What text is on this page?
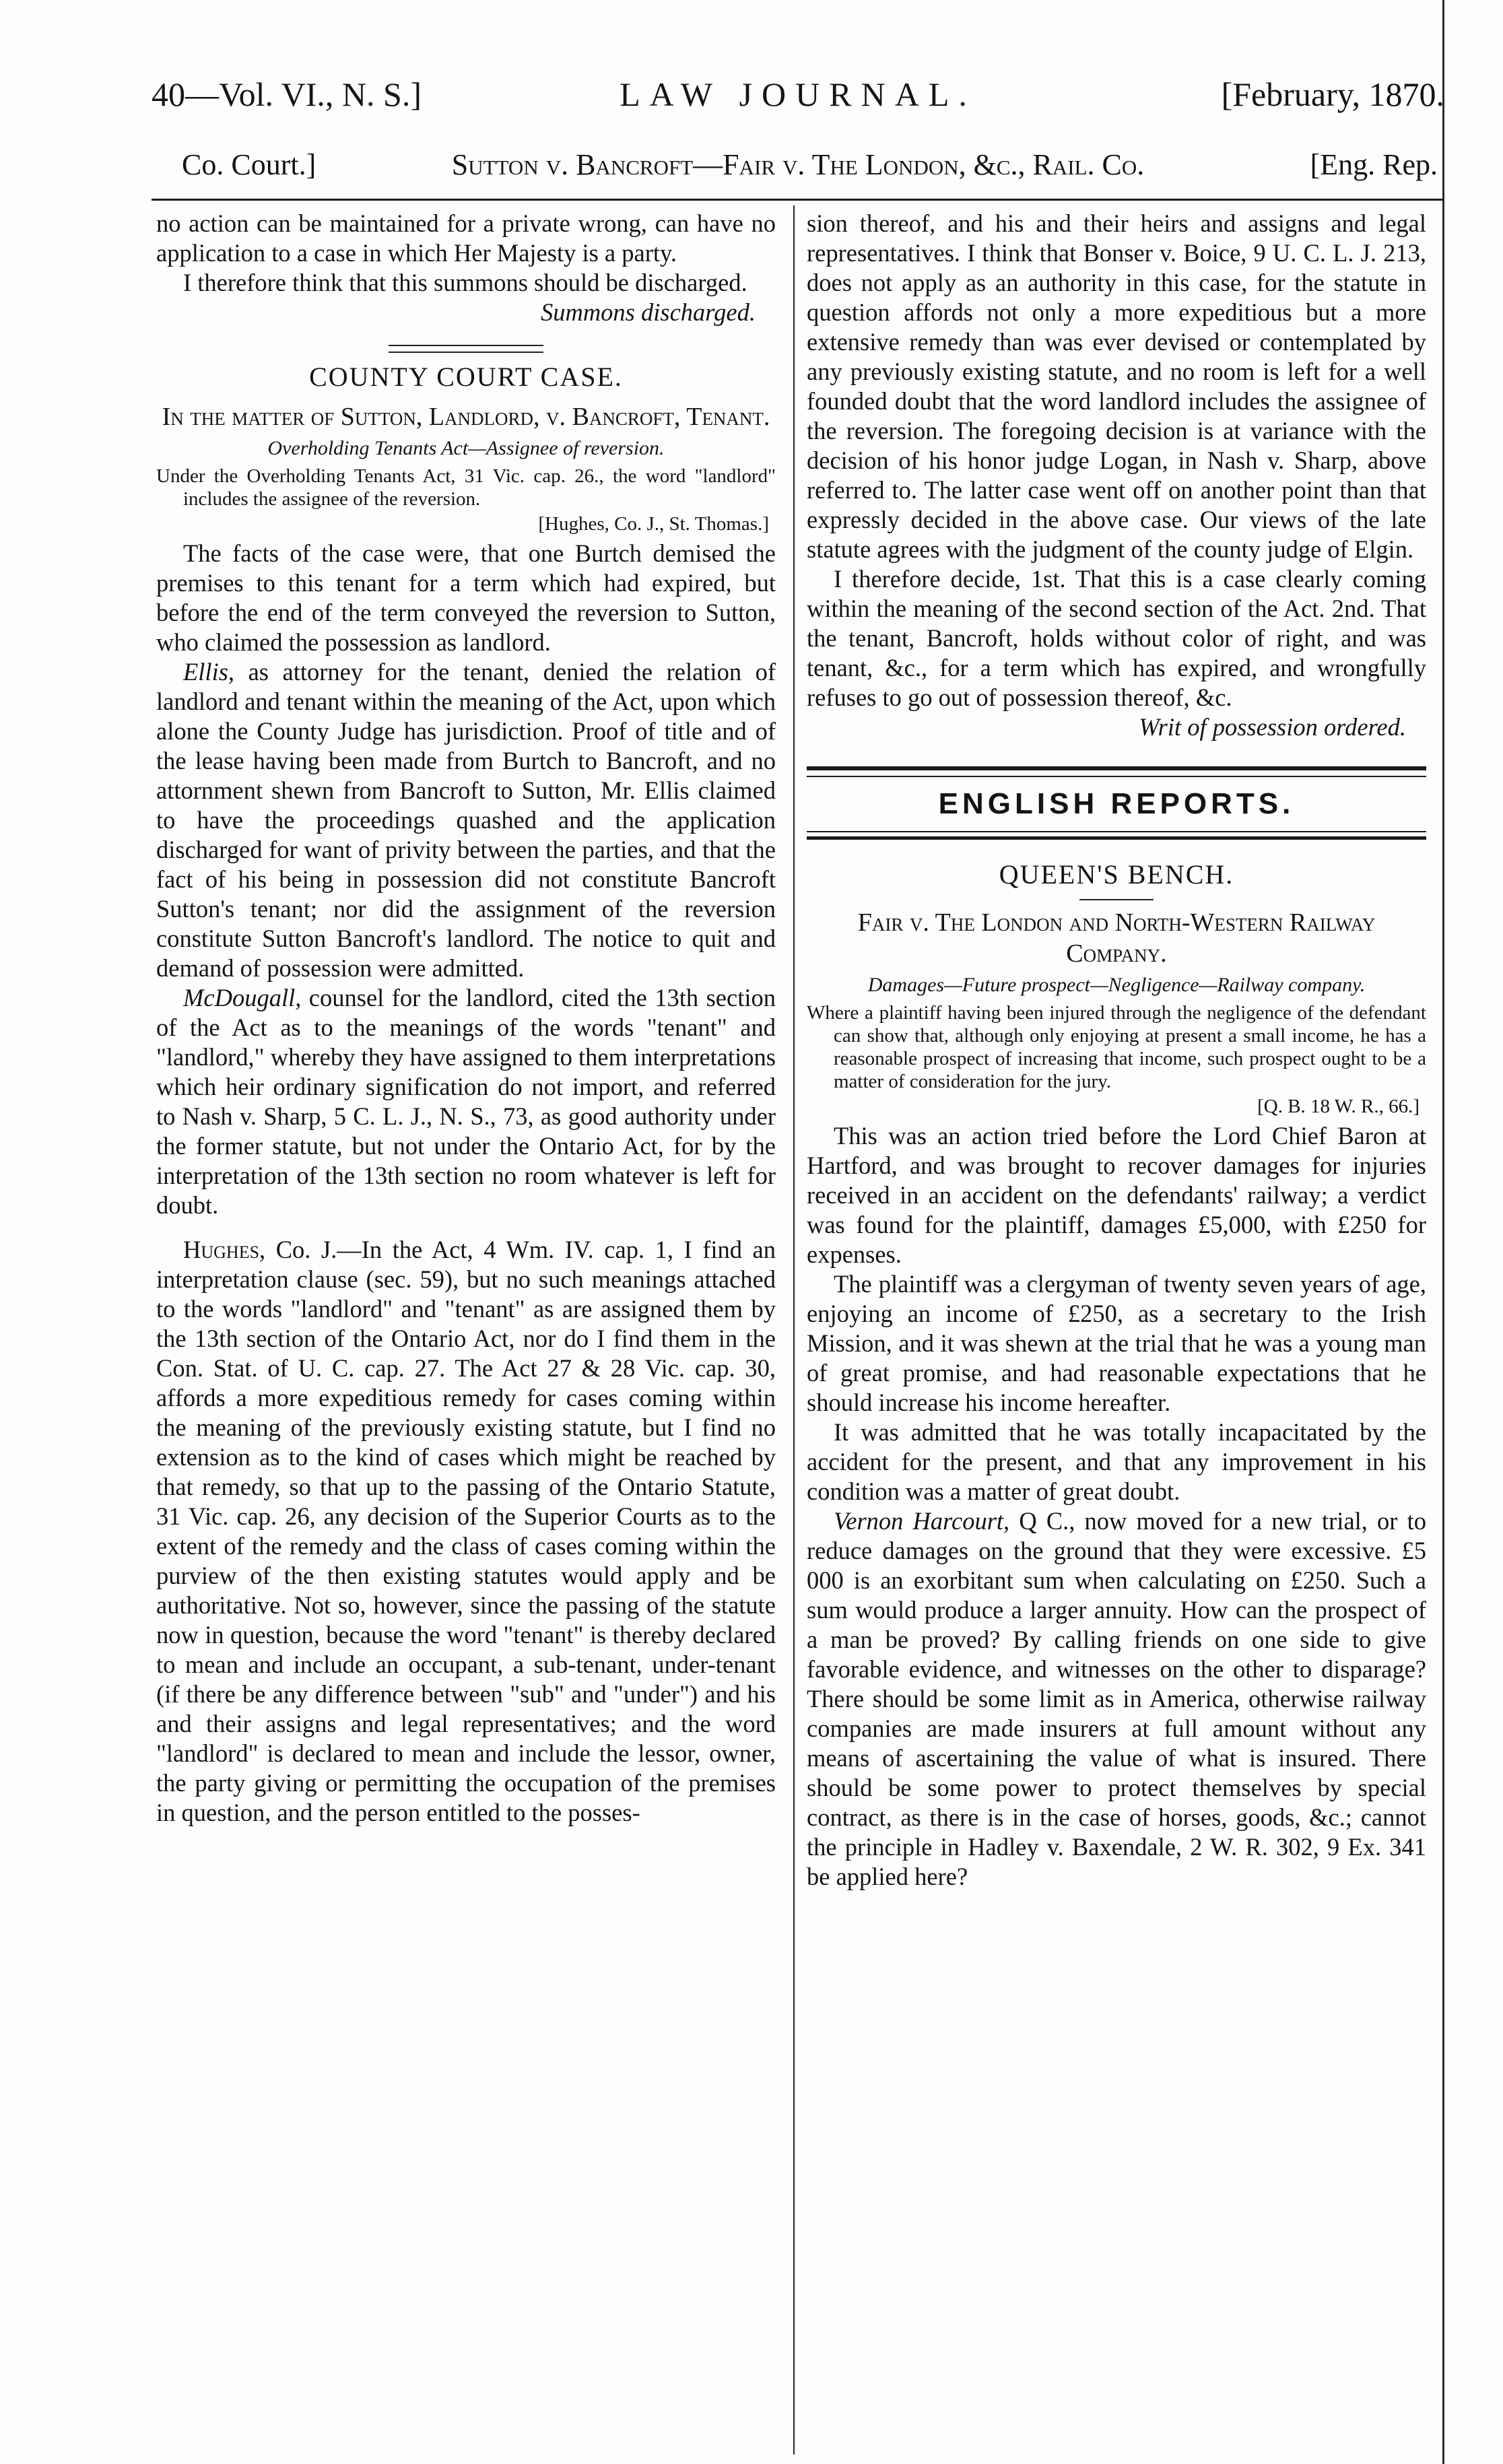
LAW JOURNAL.
40—Vol. VI., N. S.]	[February, 1870.
Sutton v. Bancroft—Fair v. The London, &c., Rail. Co.
Co. Court.]	[Eng. Rep.

no action can be maintained for a private wrong, can have no application to a case in which Her Majesty is a party.

I therefore think that this summons should be discharged.

Summons discharged.

COUNTY COURT CASE.
In the matter of Sutton, Landlord, v. Bancroft, Tenant.
Overholding Tenants Act—Assignee of reversion.
Under the Overholding Tenants Act, 31 Vic. cap. 26., the word "landlord" includes the assignee of the reversion.
[Hughes, Co. J., St. Thomas.]

The facts of the case were, that one Burtch demised the premises to this tenant for a term which had expired, but before the end of the term conveyed the reversion to Sutton, who claimed the possession as landlord.

Ellis, as attorney for the tenant, denied the relation of landlord and tenant within the meaning of the Act, upon which alone the County Judge has jurisdiction. Proof of title and of the lease having been made from Burtch to Bancroft, and no attornment shewn from Bancroft to Sutton, Mr. Ellis claimed to have the proceedings quashed and the application discharged for want of privity between the parties, and that the fact of his being in possession did not constitute Bancroft Sutton's tenant; nor did the assignment of the reversion constitute Sutton Bancroft's landlord. The notice to quit and demand of possession were admitted.

McDougall, counsel for the landlord, cited the 13th section of the Act as to the meanings of the words "tenant" and "landlord," whereby they have assigned to them interpretations which heir ordinary signification do not import, and referred to Nash v. Sharp, 5 C. L. J., N. S., 73, as good authority under the former statute, but not under the Ontario Act, for by the interpretation of the 13th section no room whatever is left for doubt.

Hughes, Co. J.—In the Act, 4 Wm. IV. cap. 1, I find an interpretation clause (sec. 59), but no such meanings attached to the words "landlord" and "tenant" as are assigned them by the 13th section of the Ontario Act, nor do I find them in the Con. Stat. of U. C. cap. 27. The Act 27 & 28 Vic. cap. 30, affords a more expeditious remedy for cases coming within the meaning of the previously existing statute, but I find no extension as to the kind of cases which might be reached by that remedy, so that up to the passing of the Ontario Statute, 31 Vic. cap. 26, any decision of the Superior Courts as to the extent of the remedy and the class of cases coming within the purview of the then existing statutes would apply and be authoritative. Not so, however, since the passing of the statute now in question, because the word "tenant" is thereby declared to mean and include an occupant, a sub-tenant, under-tenant (if there be any difference between "sub" and "under") and his and their assigns and legal representatives; and the word "landlord" is declared to mean and include the lessor, owner, the party giving or permitting the occupation of the premises in question, and the person entitled to the posses-

sion thereof, and his and their heirs and assigns and legal representatives. I think that Bonser v. Boice, 9 U. C. L. J. 213, does not apply as an authority in this case, for the statute in question affords not only a more expeditious but a more extensive remedy than was ever devised or contemplated by any previously existing statute, and no room is left for a well founded doubt that the word landlord includes the assignee of the reversion. The foregoing decision is at variance with the decision of his honor judge Logan, in Nash v. Sharp, above referred to. The latter case went off on another point than that expressly decided in the above case. Our views of the late statute agrees with the judgment of the county judge of Elgin.

I therefore decide, 1st. That this is a case clearly coming within the meaning of the second section of the Act. 2nd. That the tenant, Bancroft, holds without color of right, and was tenant, &c., for a term which has expired, and wrongfully refuses to go out of possession thereof, &c.

Writ of possession ordered.

ENGLISH REPORTS.
QUEEN'S BENCH.
Fair v. The London and North-Western Railway Company.
Damages—Future prospect—Negligence—Railway company.
Where a plaintiff having been injured through the negligence of the defendant can show that, although only enjoying at present a small income, he has a reasonable prospect of increasing that income, such prospect ought to be a matter of consideration for the jury.
[Q. B. 18 W. R., 66.]

This was an action tried before the Lord Chief Baron at Hartford, and was brought to recover damages for injuries received in an accident on the defendants' railway; a verdict was found for the plaintiff, damages £5,000, with £250 for expenses.

The plaintiff was a clergyman of twenty seven years of age, enjoying an income of £250, as a secretary to the Irish Mission, and it was shewn at the trial that he was a young man of great promise, and had reasonable expectations that he should increase his income hereafter.

It was admitted that he was totally incapacitated by the accident for the present, and that any improvement in his condition was a matter of great doubt.

Vernon Harcourt, Q C., now moved for a new trial, or to reduce damages on the ground that they were excessive. £5 000 is an exorbitant sum when calculating on £250. Such a sum would produce a larger annuity. How can the prospect of a man be proved? By calling friends on one side to give favorable evidence, and witnesses on the other to disparage? There should be some limit as in America, otherwise railway companies are made insurers at full amount without any means of ascertaining the value of what is insured. There should be some power to protect themselves by special contract, as there is in the case of horses, goods, &c.; cannot the principle in Hadley v. Baxendale, 2 W. R. 302, 9 Ex. 341 be applied here?
